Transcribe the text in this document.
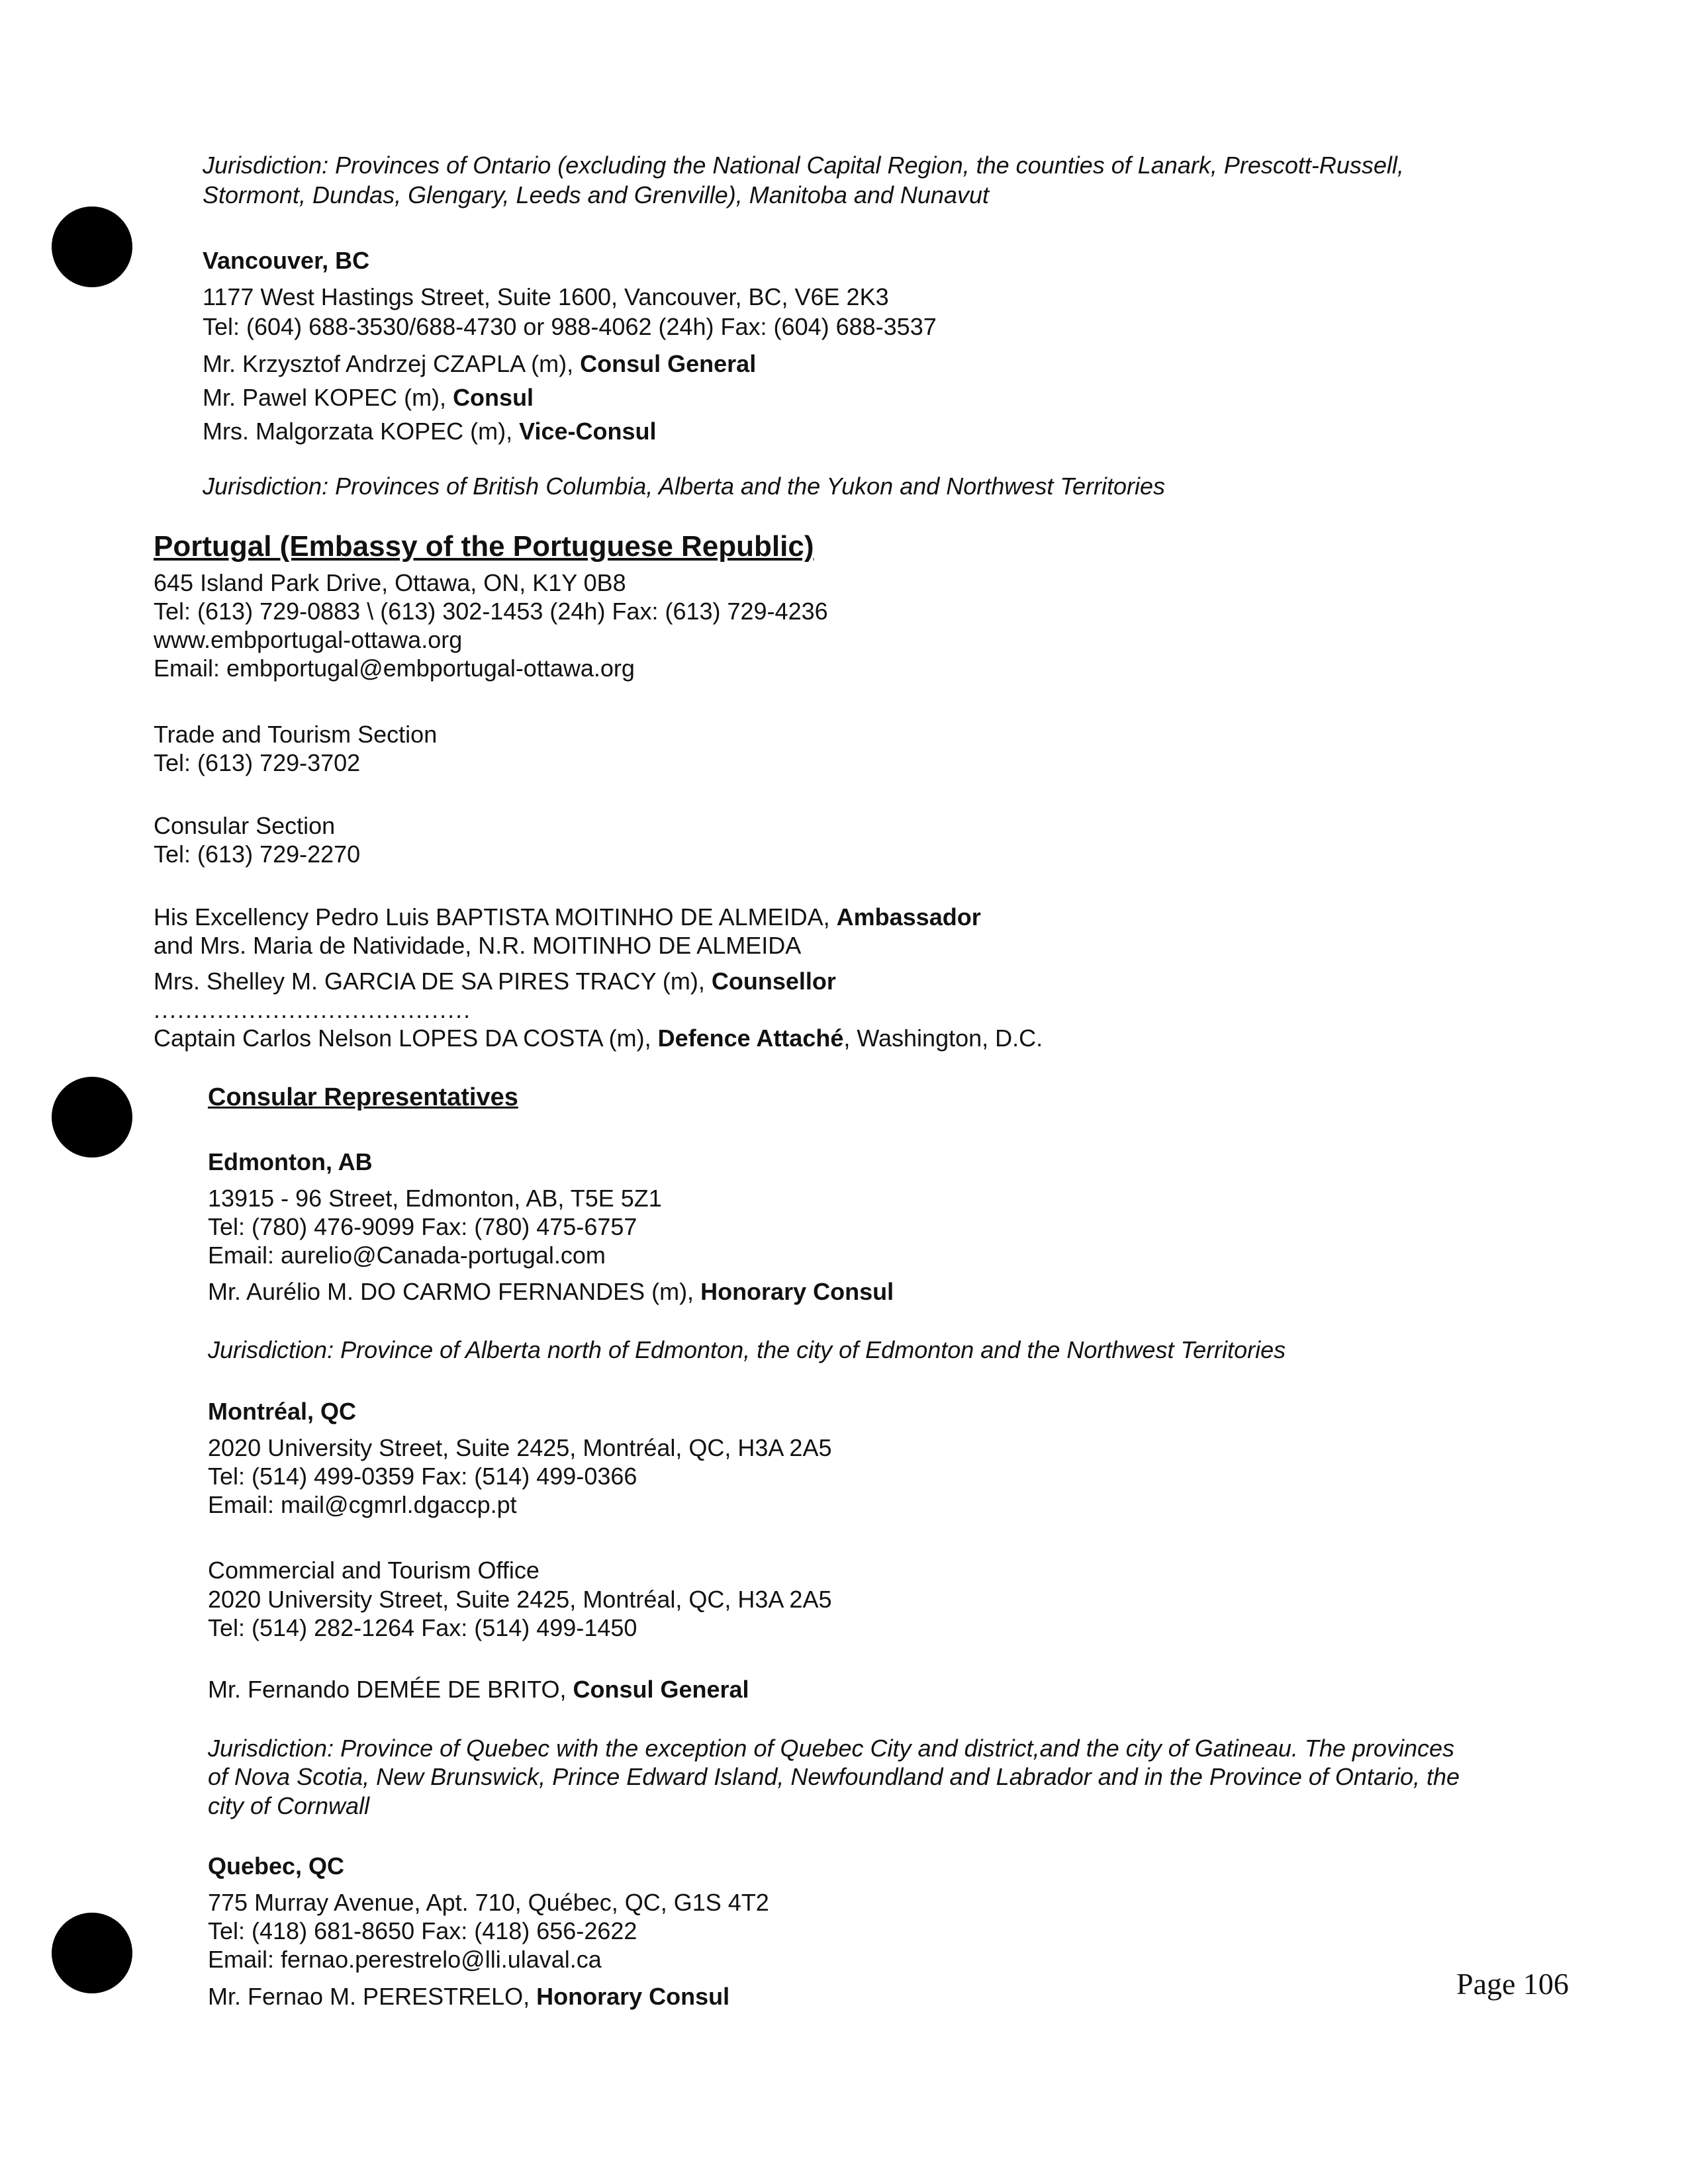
Jurisdiction: Provinces of Ontario (excluding the National Capital Region, the counties of Lanark, Prescott-Russell,

Stormont, Dundas, Glengary, Leeds and Grenville), Manitoba and Nunavut

Vancouver, BC

1177 West Hastings Street, Suite 1600, Vancouver, BC, V6E 2K3

Tel: (604) 688-3530/688-4730 or 988-4062 (24h) Fax: (604) 688-3537

Mr. Krzysztof Andrzej CZAPLA (m), Consul General

Mr. Pawel KOPEC (m), Consul

Mrs. Malgorzata KOPEC (m), Vice-Consul

Jurisdiction: Provinces of British Columbia, Alberta and the Yukon and Northwest Territories

Portugal (Embassy of the Portuguese Republic)

645 Island Park Drive, Ottawa, ON, K1Y 0B8

Tel: (613) 729-0883 \ (613) 302-1453 (24h) Fax: (613) 729-4236

www.embportugal-ottawa.org

Email: embportugal@embportugal-ottawa.org

Trade and Tourism Section

Tel: (613) 729-3702

Consular Section

Tel: (613) 729-2270

His Excellency Pedro Luis BAPTISTA MOITINHO DE ALMEIDA, Ambassador

and Mrs. Maria de Natividade, N.R. MOITINHO DE ALMEIDA

Mrs. Shelley M. GARCIA DE SA PIRES TRACY (m), Counsellor

........................................

Captain Carlos Nelson LOPES DA COSTA (m), Defence Attaché, Washington, D.C.

Consular Representatives

Edmonton, AB

13915 - 96 Street, Edmonton, AB, T5E 5Z1

Tel: (780) 476-9099 Fax: (780) 475-6757

Email: aurelio@Canada-portugal.com

Mr. Aurélio M. DO CARMO FERNANDES (m), Honorary Consul

Jurisdiction: Province of Alberta north of Edmonton, the city of Edmonton and the Northwest Territories

Montréal, QC

2020 University Street, Suite 2425, Montréal, QC, H3A 2A5

Tel: (514) 499-0359 Fax: (514) 499-0366

Email: mail@cgmrl.dgaccp.pt

Commercial and Tourism Office

2020 University Street, Suite 2425, Montréal, QC, H3A 2A5

Tel: (514) 282-1264 Fax: (514) 499-1450

Mr. Fernando DEMÉE DE BRITO, Consul General

Jurisdiction: Province of Quebec with the exception of Quebec City and district,and the city of Gatineau. The provinces

of Nova Scotia, New Brunswick, Prince Edward Island, Newfoundland and Labrador and in the Province of Ontario, the

city of Cornwall

Quebec, QC

775 Murray Avenue, Apt. 710, Québec, QC, G1S 4T2

Tel: (418) 681-8650 Fax: (418) 656-2622

Email: fernao.perestrelo@lli.ulaval.ca

Mr. Fernao M. PERESTRELO, Honorary Consul	Page 106
